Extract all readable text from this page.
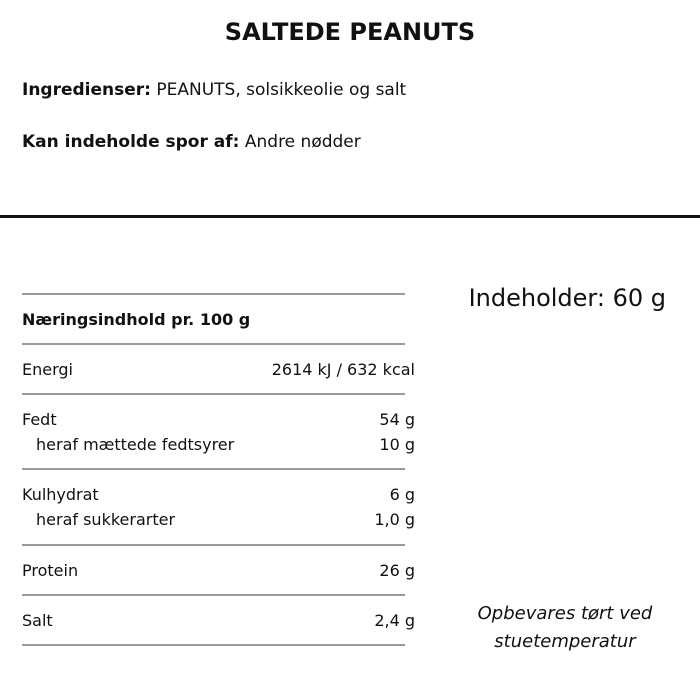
SALTEDE PEANUTS
Ingredienser: PEANUTS, solsikkeolie og salt
Kan indeholde spor af: Andre nødder
Næringsindhold pr. 100 g
Energi	2614 kJ / 632 kcal
Fedt	54 g
heraf mættede fedtsyrer	10 g
Kulhydrat	6 g
heraf sukkerarter	1,0 g
Protein	26 g
Salt	2,4 g
Indeholder: 60 g
Opbevares tørt ved
stuetemperatur
